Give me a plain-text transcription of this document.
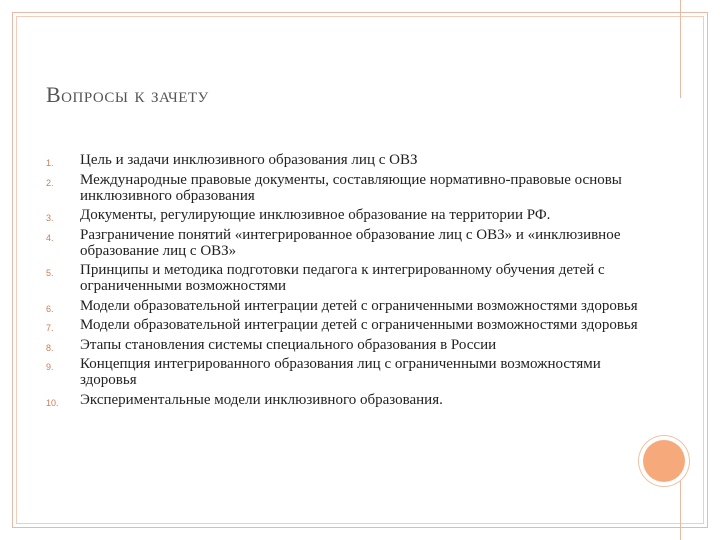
Вопросы к зачету
1. Цель и задачи инклюзивного образования лиц с ОВЗ
2. Международные правовые документы, составляющие нормативно-правовые основы инклюзивного образования
3. Документы, регулирующие инклюзивное образование на территории РФ.
4. Разграничение понятий «интегрированное образование лиц с ОВЗ» и «инклюзивное образование лиц с ОВЗ»
5. Принципы и методика подготовки педагога к интегрированному обучения детей с ограниченными возможностями
6. Модели образовательной интеграции детей с ограниченными возможностями здоровья
7. Модели образовательной интеграции детей с ограниченными возможностями здоровья
8. Этапы становления системы специального образования в России
9. Концепция интегрированного образования лиц с ограниченными возможностями здоровья
10. Экспериментальные модели инклюзивного образования.
